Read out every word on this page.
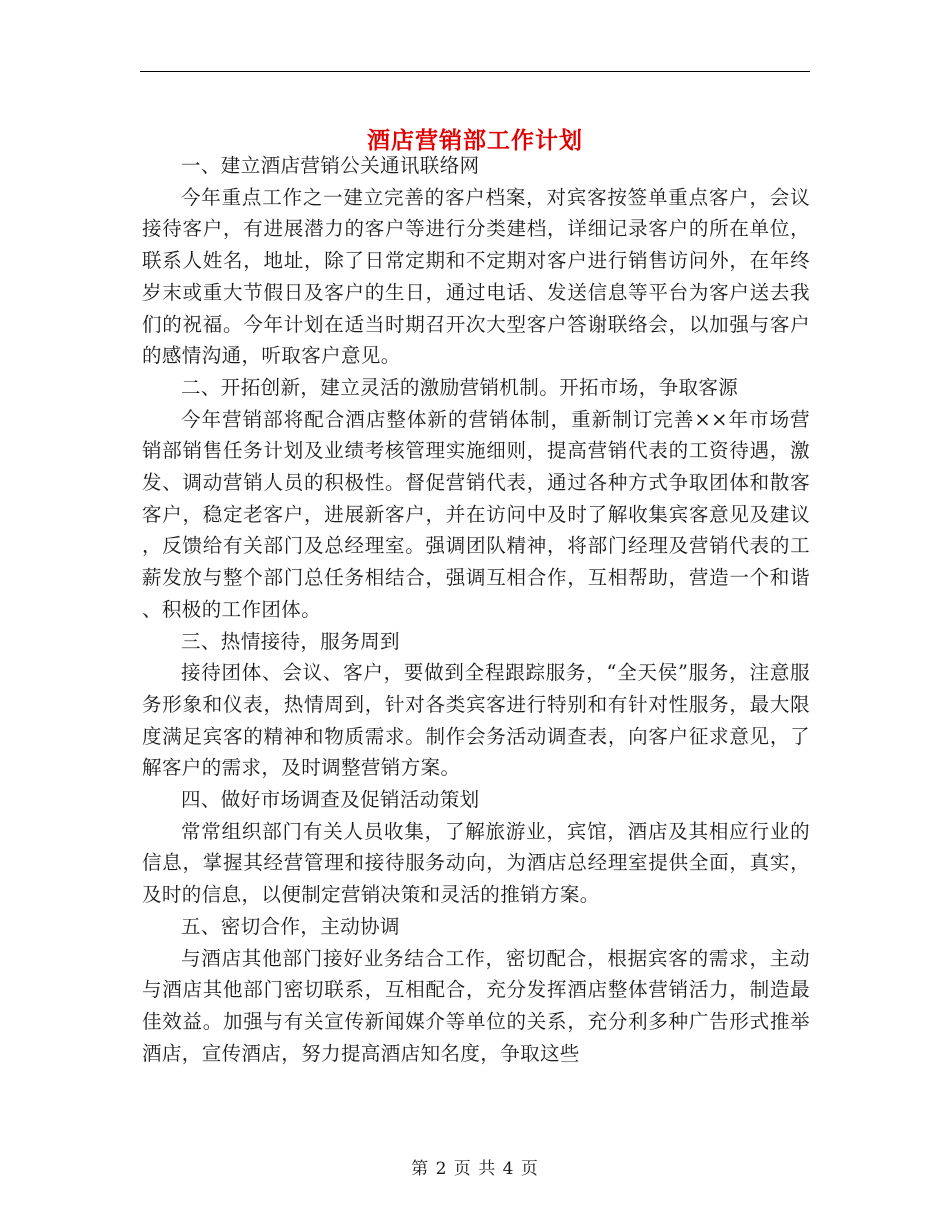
酒店营销部工作计划

一、建立酒店营销公关通讯联络网

今年重点工作之一建立完善的客户档案，对宾客按签单重点客户，会议接待客户，有进展潜力的客户等进行分类建档，详细记录客户的所在单位，联系人姓名，地址，除了日常定期和不定期对客户进行销售访问外，在年终岁末或重大节假日及客户的生日，通过电话、发送信息等平台为客户送去我们的祝福。今年计划在适当时期召开次大型客户答谢联络会，以加强与客户的感情沟通，听取客户意见。

二、开拓创新，建立灵活的激励营销机制。开拓市场，争取客源

今年营销部将配合酒店整体新的营销体制，重新制订完善××年市场营销部销售任务计划及业绩考核管理实施细则，提高营销代表的工资待遇，激发、调动营销人员的积极性。督促营销代表，通过各种方式争取团体和散客客户，稳定老客户，进展新客户，并在访问中及时了解收集宾客意见及建议，反馈给有关部门及总经理室。强调团队精神，将部门经理及营销代表的工薪发放与整个部门总任务相结合，强调互相合作，互相帮助，营造一个和谐、积极的工作团体。

三、热情接待，服务周到

接待团体、会议、客户，要做到全程跟踪服务，“全天侯”服务，注意服务形象和仪表，热情周到，针对各类宾客进行特别和有针对性服务，最大限度满足宾客的精神和物质需求。制作会务活动调查表，向客户征求意见，了解客户的需求，及时调整营销方案。

四、做好市场调查及促销活动策划

常常组织部门有关人员收集，了解旅游业，宾馆，酒店及其相应行业的信息，掌握其经营管理和接待服务动向，为酒店总经理室提供全面，真实，及时的信息，以便制定营销决策和灵活的推销方案。

五、密切合作，主动协调

与酒店其他部门接好业务结合工作，密切配合，根据宾客的需求，主动与酒店其他部门密切联系，互相配合，充分发挥酒店整体营销活力，制造最佳效益。加强与有关宣传新闻媒介等单位的关系，充分利多种广告形式推举酒店，宣传酒店，努力提高酒店知名度，争取这些

第 2 页 共 4 页
